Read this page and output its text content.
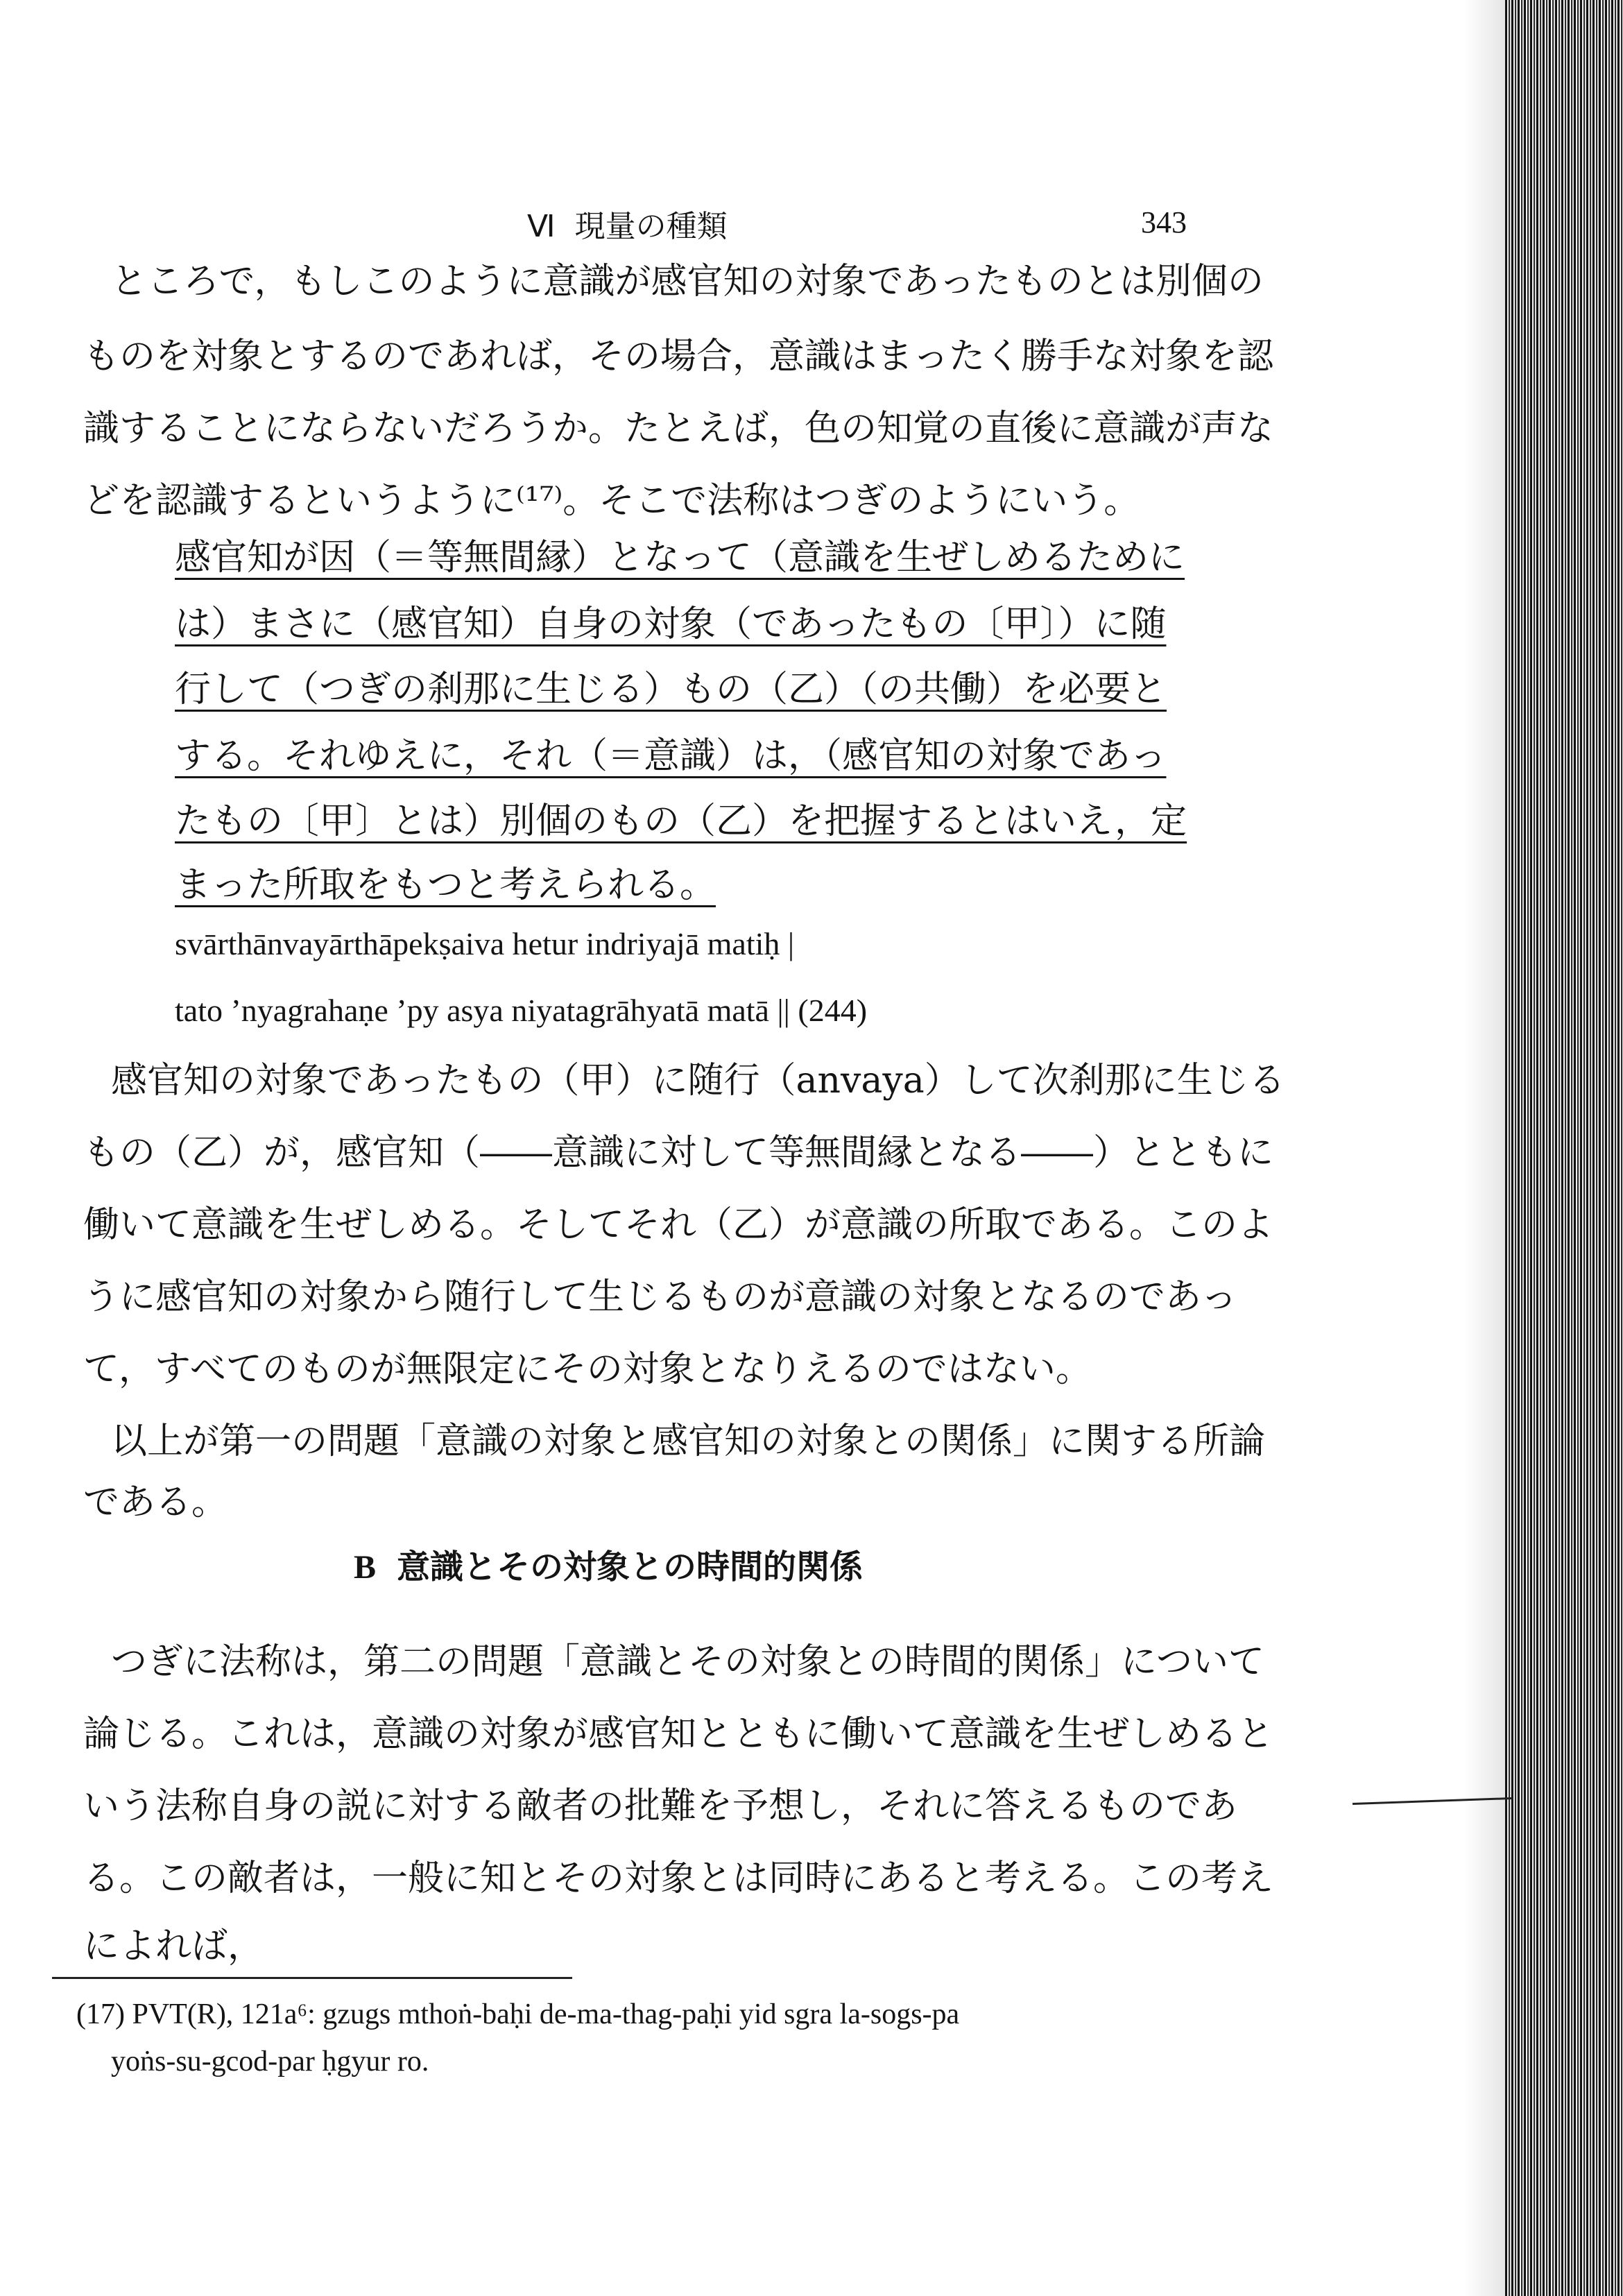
Ⅵ 現量の種類	343
ところで，もしこのように意識が感官知の対象であったものとは別個の
ものを対象とするのであれば，その場合，意識はまったく勝手な対象を認
識することにならないだろうか。たとえば，色の知覚の直後に意識が声な
どを認識するというように⁽¹⁷⁾。そこで法称はつぎのようにいう。
感官知が因（＝等無間縁）となって（意識を生ぜしめるために
は）まさに（感官知）自身の対象（であったもの〔甲〕）に随
行して（つぎの刹那に生じる）もの（乙）（の共働）を必要と
する。それゆえに，それ（＝意識）は，（感官知の対象であっ
たもの〔甲〕とは）別個のもの（乙）を把握するとはいえ，定
まった所取をもつと考えられる。
svārthānvayārthāpekṣaiva hetur indriyajā matiḥ |
tato ’nyagrahaṇe ’py asya niyatagrāhyatā matā || (244)
感官知の対象であったもの（甲）に随行（anvaya）して次刹那に生じる
もの（乙）が，感官知（――意識に対して等無間縁となる――）とともに
働いて意識を生ぜしめる。そしてそれ（乙）が意識の所取である。このよ
うに感官知の対象から随行して生じるものが意識の対象となるのであっ
て，すべてのものが無限定にその対象となりえるのではない。
以上が第一の問題「意識の対象と感官知の対象との関係」に関する所論
である。
B 意識とその対象との時間的関係
つぎに法称は，第二の問題「意識とその対象との時間的関係」について
論じる。これは，意識の対象が感官知とともに働いて意識を生ぜしめると
いう法称自身の説に対する敵者の批難を予想し，それに答えるものであ
る。この敵者は，一般に知とその対象とは同時にあると考える。この考え
によれば，
(17) PVT(R), 121a⁶: gzugs mthoṅ-baḥi de-ma-thag-paḥi yid sgra la-sogs-pa
yoṅs-su-gcod-par ḥgyur ro.
